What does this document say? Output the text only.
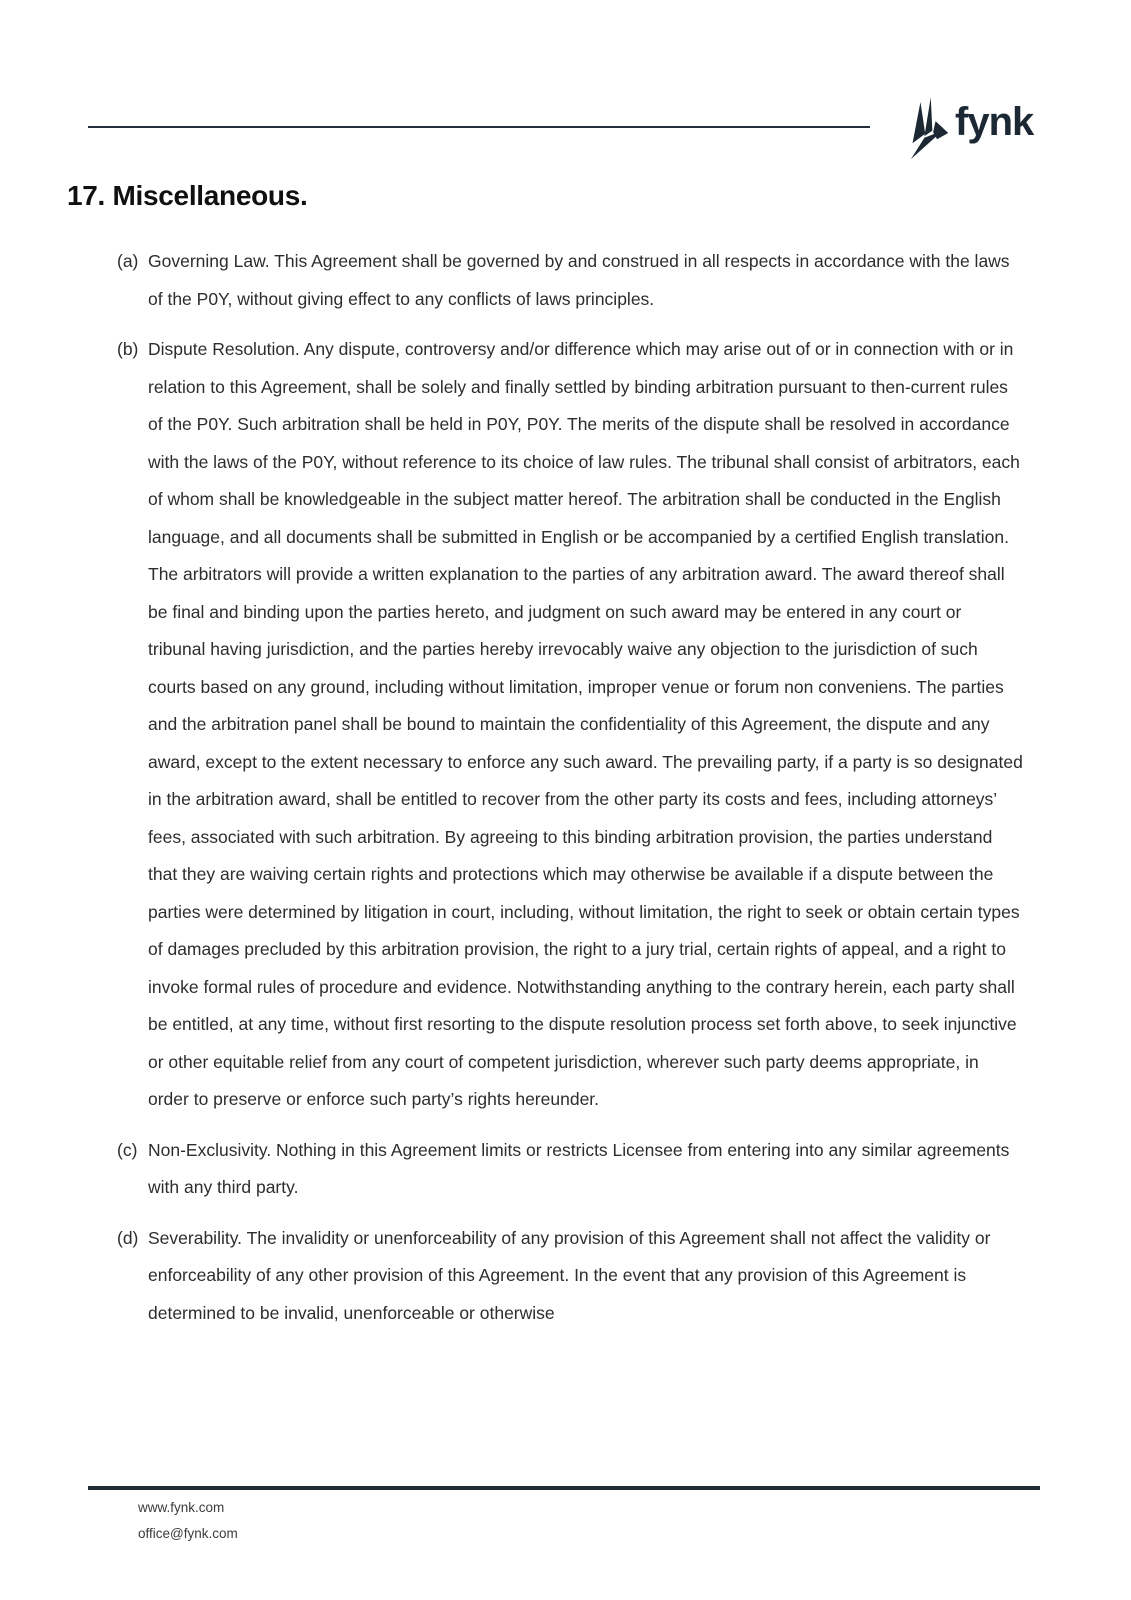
fynk
17. Miscellaneous.
(a) Governing Law. This Agreement shall be governed by and construed in all respects in accordance with the laws of the P0Y, without giving effect to any conflicts of laws principles.
(b) Dispute Resolution. Any dispute, controversy and/or difference which may arise out of or in connection with or in relation to this Agreement, shall be solely and finally settled by binding arbitration pursuant to then-current rules of the P0Y. Such arbitration shall be held in P0Y, P0Y. The merits of the dispute shall be resolved in accordance with the laws of the P0Y, without reference to its choice of law rules. The tribunal shall consist of arbitrators, each of whom shall be knowledgeable in the subject matter hereof. The arbitration shall be conducted in the English language, and all documents shall be submitted in English or be accompanied by a certified English translation. The arbitrators will provide a written explanation to the parties of any arbitration award. The award thereof shall be final and binding upon the parties hereto, and judgment on such award may be entered in any court or tribunal having jurisdiction, and the parties hereby irrevocably waive any objection to the jurisdiction of such courts based on any ground, including without limitation, improper venue or forum non conveniens. The parties and the arbitration panel shall be bound to maintain the confidentiality of this Agreement, the dispute and any award, except to the extent necessary to enforce any such award. The prevailing party, if a party is so designated in the arbitration award, shall be entitled to recover from the other party its costs and fees, including attorneys’ fees, associated with such arbitration. By agreeing to this binding arbitration provision, the parties understand that they are waiving certain rights and protections which may otherwise be available if a dispute between the parties were determined by litigation in court, including, without limitation, the right to seek or obtain certain types of damages precluded by this arbitration provision, the right to a jury trial, certain rights of appeal, and a right to invoke formal rules of procedure and evidence. Notwithstanding anything to the contrary herein, each party shall be entitled, at any time, without first resorting to the dispute resolution process set forth above, to seek injunctive or other equitable relief from any court of competent jurisdiction, wherever such party deems appropriate, in order to preserve or enforce such party’s rights hereunder.
(c) Non-Exclusivity. Nothing in this Agreement limits or restricts Licensee from entering into any similar agreements with any third party.
(d) Severability. The invalidity or unenforceability of any provision of this Agreement shall not affect the validity or enforceability of any other provision of this Agreement. In the event that any provision of this Agreement is determined to be invalid, unenforceable or otherwise
www.fynk.com
office@fynk.com
